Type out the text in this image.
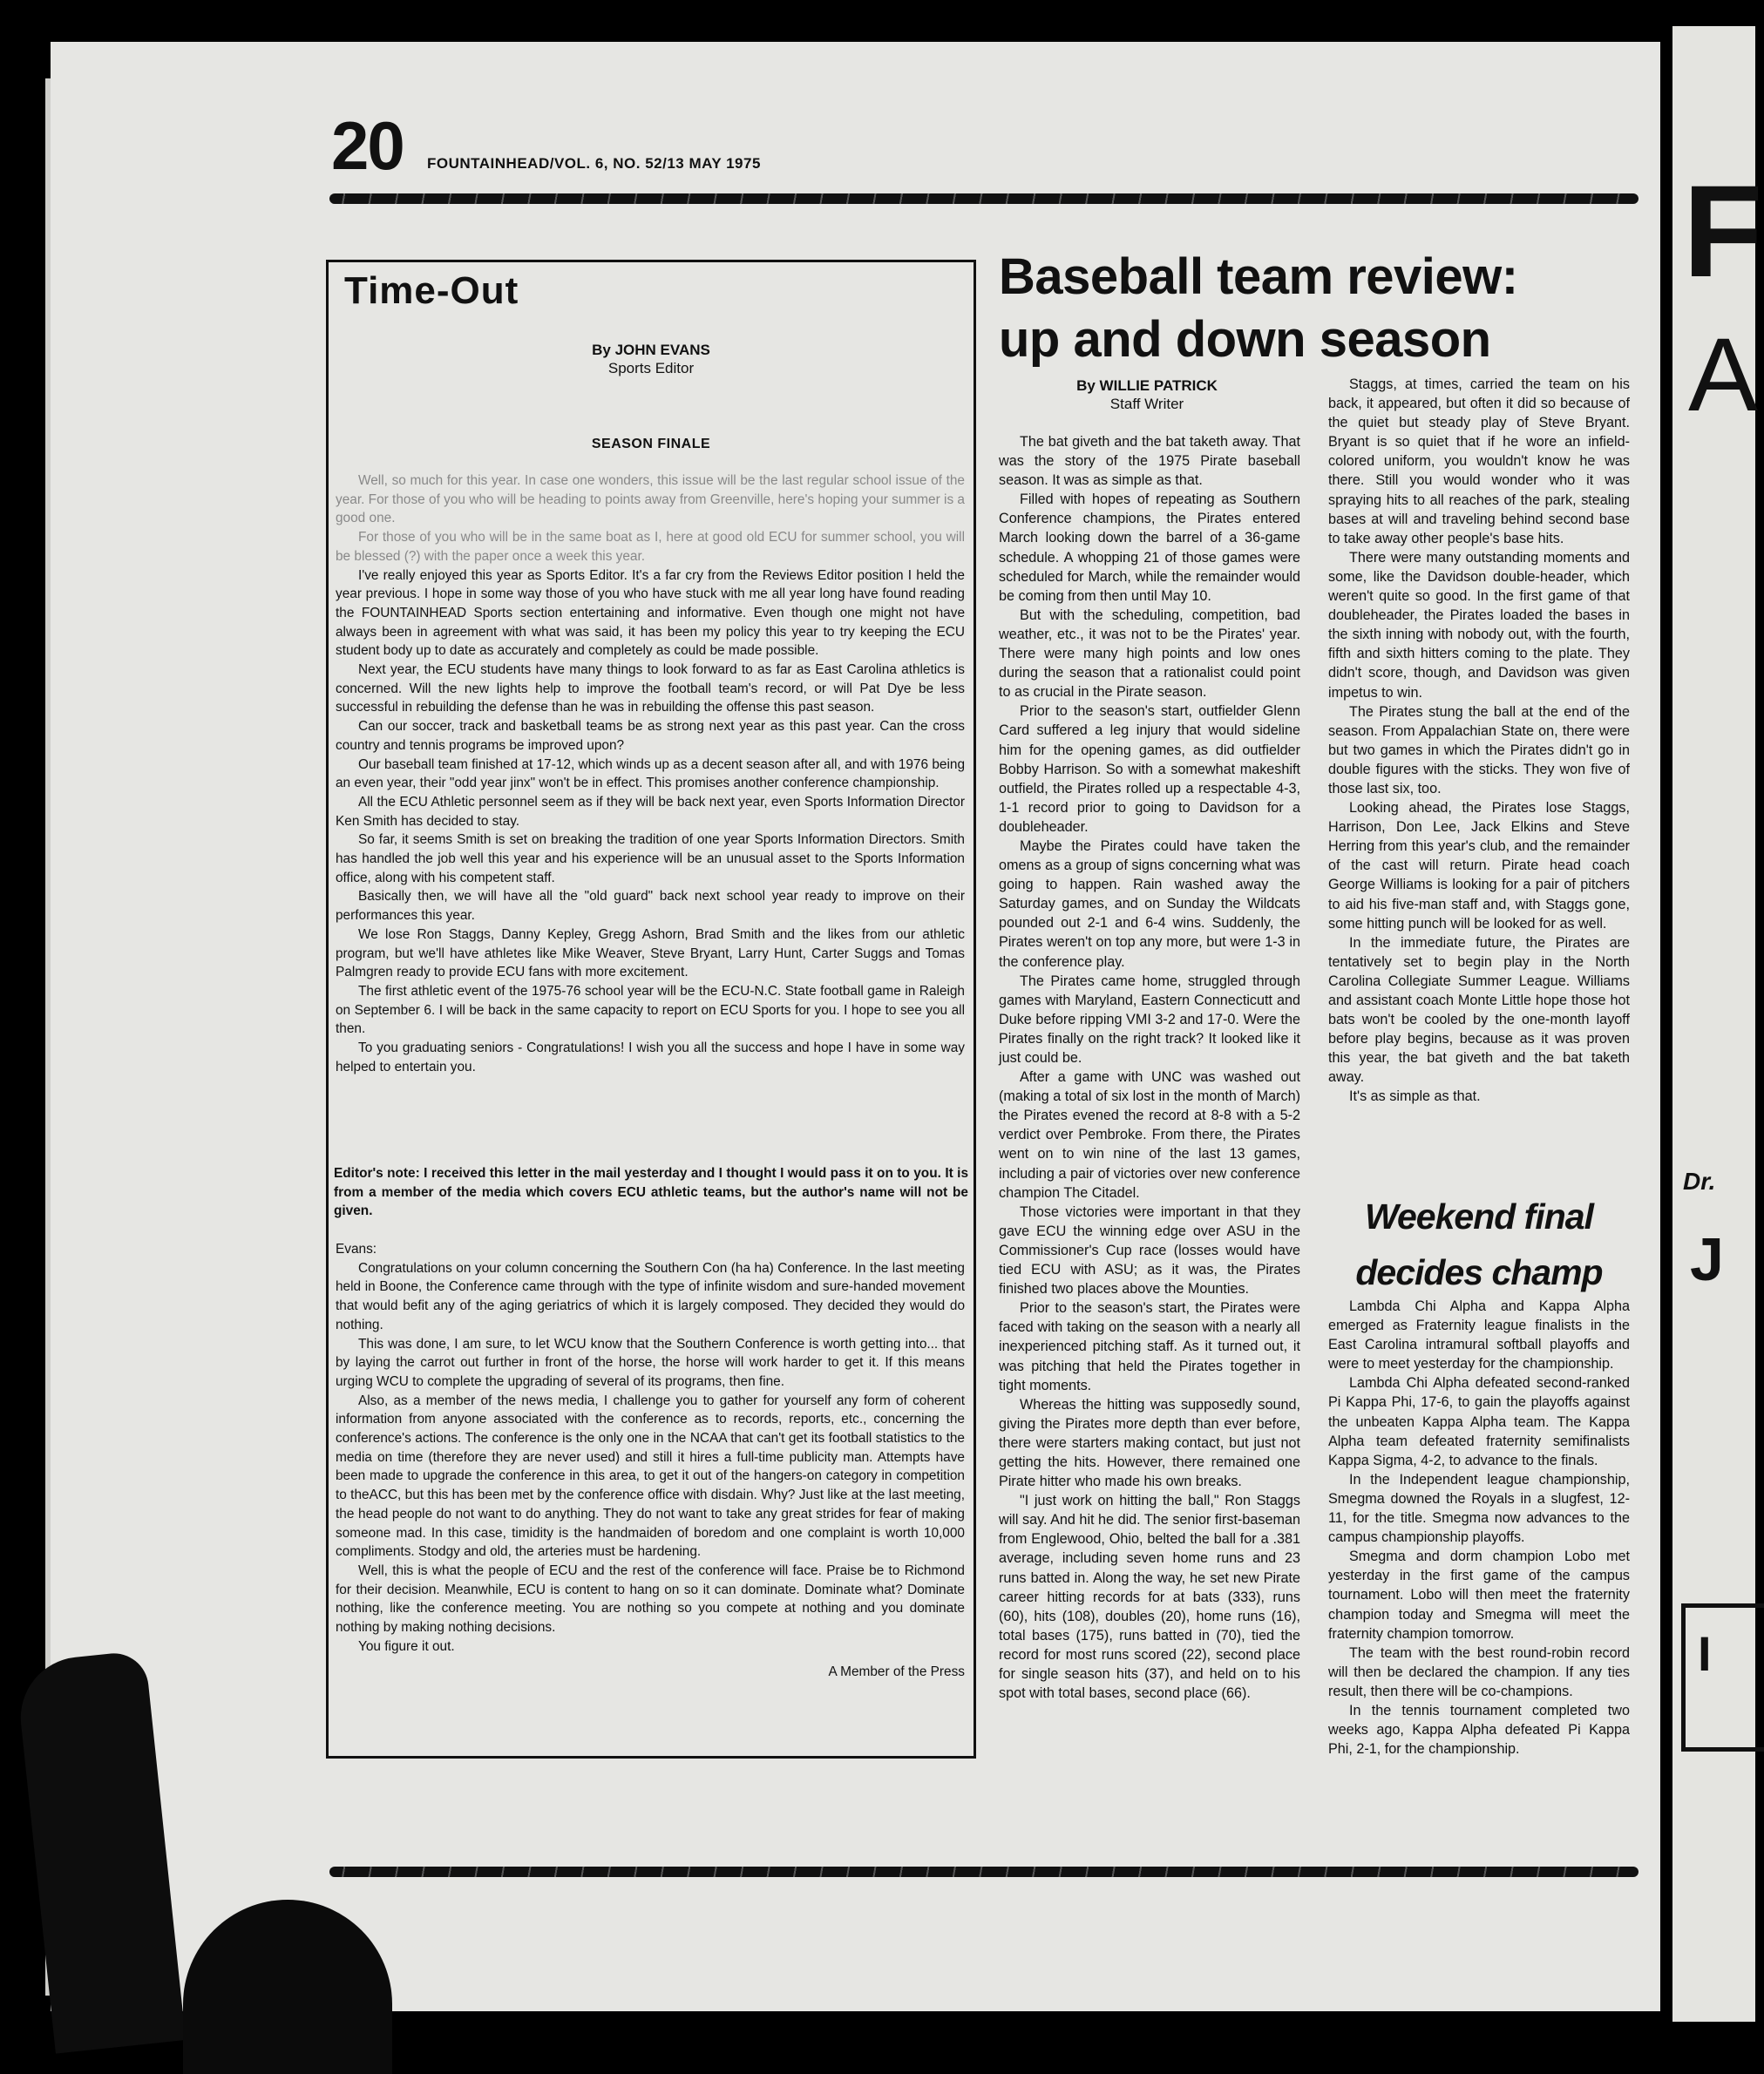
F
A
Dr.
J
I
20 FOUNTAINHEAD/VOL. 6, NO. 52/13 MAY 1975
Time-Out
By JOHN EVANS
Sports Editor
SEASON FINALE

Well, so much for this year. In case one wonders, this issue will be the last regular school issue of the year. For those of you who will be heading to points away from Greenville, here's hoping your summer is a good one.

For those of you who will be in the same boat as I, here at good old ECU for summer school, you will be blessed (?) with the paper once a week this year.

I've really enjoyed this year as Sports Editor. It's a far cry from the Reviews Editor position I held the year previous. I hope in some way those of you who have stuck with me all year long have found reading the FOUNTAINHEAD Sports section entertaining and informative. Even though one might not have always been in agreement with what was said, it has been my policy this year to try keeping the ECU student body up to date as accurately and completely as could be made possible.

Next year, the ECU students have many things to look forward to as far as East Carolina athletics is concerned. Will the new lights help to improve the football team's record, or will Pat Dye be less successful in rebuilding the defense than he was in rebuilding the offense this past season.

Can our soccer, track and basketball teams be as strong next year as this past year. Can the cross country and tennis programs be improved upon?

Our baseball team finished at 17-12, which winds up as a decent season after all, and with 1976 being an even year, their "odd year jinx" won't be in effect. This promises another conference championship.

All the ECU Athletic personnel seem as if they will be back next year, even Sports Information Director Ken Smith has decided to stay.

So far, it seems Smith is set on breaking the tradition of one year Sports Information Directors. Smith has handled the job well this year and his experience will be an unusual asset to the Sports Information office, along with his competent staff.

Basically then, we will have all the "old guard" back next school year ready to improve on their performances this year.

We lose Ron Staggs, Danny Kepley, Gregg Ashorn, Brad Smith and the likes from our athletic program, but we'll have athletes like Mike Weaver, Steve Bryant, Larry Hunt, Carter Suggs and Tomas Palmgren ready to provide ECU fans with more excitement.

The first athletic event of the 1975-76 school year will be the ECU-N.C. State football game in Raleigh on September 6. I will be back in the same capacity to report on ECU Sports for you. I hope to see you all then.

To you graduating seniors - Congratulations! I wish you all the success and hope I have in some way helped to entertain you.

Editor's note: I received this letter in the mail yesterday and I thought I would pass it on to you. It is from a member of the media which covers ECU athletic teams, but the author's name will not be given.

Evans:

Congratulations on your column concerning the Southern Con (ha ha) Conference. In the last meeting held in Boone, the Conference came through with the type of infinite wisdom and sure-handed movement that would befit any of the aging geriatrics of which it is largely composed. They decided they would do nothing.

This was done, I am sure, to let WCU know that the Southern Conference is worth getting into... that by laying the carrot out further in front of the horse, the horse will work harder to get it. If this means urging WCU to complete the upgrading of several of its programs, then fine.

Also, as a member of the news media, I challenge you to gather for yourself any form of coherent information from anyone associated with the conference as to records, reports, etc., concerning the conference's actions. The conference is the only one in the NCAA that can't get its football statistics to the media on time (therefore they are never used) and still it hires a full-time publicity man. Attempts have been made to upgrade the conference in this area, to get it out of the hangers-on category in competition to theACC, but this has been met by the conference office with disdain. Why? Just like at the last meeting, the head people do not want to do anything. They do not want to take any great strides for fear of making someone mad. In this case, timidity is the handmaiden of boredom and one complaint is worth 10,000 compliments. Stodgy and old, the arteries must be hardening.

Well, this is what the people of ECU and the rest of the conference will face. Praise be to Richmond for their decision. Meanwhile, ECU is content to hang on so it can dominate. Dominate what? Dominate nothing, like the conference meeting. You are nothing so you compete at nothing and you dominate nothing by making nothing decisions.

You figure it out.

A Member of the Press
Baseball team review:
up and down season
By WILLIE PATRICK
Staff Writer

The bat giveth and the bat taketh away. That was the story of the 1975 Pirate baseball season. It was as simple as that.

Filled with hopes of repeating as Southern Conference champions, the Pirates entered March looking down the barrel of a 36-game schedule. A whopping 21 of those games were scheduled for March, while the remainder would be coming from then until May 10.

But with the scheduling, competition, bad weather, etc., it was not to be the Pirates' year. There were many high points and low ones during the season that a rationalist could point to as crucial in the Pirate season.

Prior to the season's start, outfielder Glenn Card suffered a leg injury that would sideline him for the opening games, as did outfielder Bobby Harrison. So with a somewhat makeshift outfield, the Pirates rolled up a respectable 4-3, 1-1 record prior to going to Davidson for a doubleheader.

Maybe the Pirates could have taken the omens as a group of signs concerning what was going to happen. Rain washed away the Saturday games, and on Sunday the Wildcats pounded out 2-1 and 6-4 wins. Suddenly, the Pirates weren't on top any more, but were 1-3 in the conference play.

The Pirates came home, struggled through games with Maryland, Eastern Connecticutt and Duke before ripping VMI 3-2 and 17-0. Were the Pirates finally on the right track? It looked like it just could be.

After a game with UNC was washed out (making a total of six lost in the month of March) the Pirates evened the record at 8-8 with a 5-2 verdict over Pembroke. From there, the Pirates went on to win nine of the last 13 games, including a pair of victories over new conference champion The Citadel.

Those victories were important in that they gave ECU the winning edge over ASU in the Commissioner's Cup race (losses would have tied ECU with ASU; as it was, the Pirates finished two places above the Mounties.

Prior to the season's start, the Pirates were faced with taking on the season with a nearly all inexperienced pitching staff. As it turned out, it was pitching that held the Pirates together in tight moments.

Whereas the hitting was supposedly sound, giving the Pirates more depth than ever before, there were starters making contact, but just not getting the hits. However, there remained one Pirate hitter who made his own breaks.

"I just work on hitting the ball," Ron Staggs will say. And hit he did. The senior first-baseman from Englewood, Ohio, belted the ball for a .381 average, including seven home runs and 23 runs batted in. Along the way, he set new Pirate career hitting records for at bats (333), runs (60), hits (108), doubles (20), home runs (16), total bases (175), runs batted in (70), tied the record for most runs scored (22), second place for single season hits (37), and held on to his spot with total bases, second place (66).

Staggs, at times, carried the team on his back, it appeared, but often it did so because of the quiet but steady play of Steve Bryant. Bryant is so quiet that if he wore an infield-colored uniform, you wouldn't know he was there. Still you would wonder who it was spraying hits to all reaches of the park, stealing bases at will and traveling behind second base to take away other people's base hits.

There were many outstanding moments and some, like the Davidson double-header, which weren't quite so good. In the first game of that doubleheader, the Pirates loaded the bases in the sixth inning with nobody out, with the fourth, fifth and sixth hitters coming to the plate. They didn't score, though, and Davidson was given impetus to win.

The Pirates stung the ball at the end of the season. From Appalachian State on, there were but two games in which the Pirates didn't go in double figures with the sticks. They won five of those last six, too.

Looking ahead, the Pirates lose Staggs, Harrison, Don Lee, Jack Elkins and Steve Herring from this year's club, and the remainder of the cast will return. Pirate head coach George Williams is looking for a pair of pitchers to aid his five-man staff and, with Staggs gone, some hitting punch will be looked for as well.

In the immediate future, the Pirates are tentatively set to begin play in the North Carolina Collegiate Summer League. Williams and assistant coach Monte Little hope those hot bats won't be cooled by the one-month layoff before play begins, because as it was proven this year, the bat giveth and the bat taketh away.

It's as simple as that.

Weekend final
decides champ

Lambda Chi Alpha and Kappa Alpha emerged as Fraternity league finalists in the East Carolina intramural softball playoffs and were to meet yesterday for the championship.

Lambda Chi Alpha defeated second-ranked Pi Kappa Phi, 17-6, to gain the playoffs against the unbeaten Kappa Alpha team. The Kappa Alpha team defeated fraternity semifinalists Kappa Sigma, 4-2, to advance to the finals.

In the Independent league championship, Smegma downed the Royals in a slugfest, 12-11, for the title. Smegma now advances to the campus championship playoffs.

Smegma and dorm champion Lobo met yesterday in the first game of the campus tournament. Lobo will then meet the fraternity champion today and Smegma will meet the fraternity champion tomorrow.

The team with the best round-robin record will then be declared the champion. If any ties result, then there will be co-champions.

In the tennis tournament completed two weeks ago, Kappa Alpha defeated Pi Kappa Phi, 2-1, for the championship.
